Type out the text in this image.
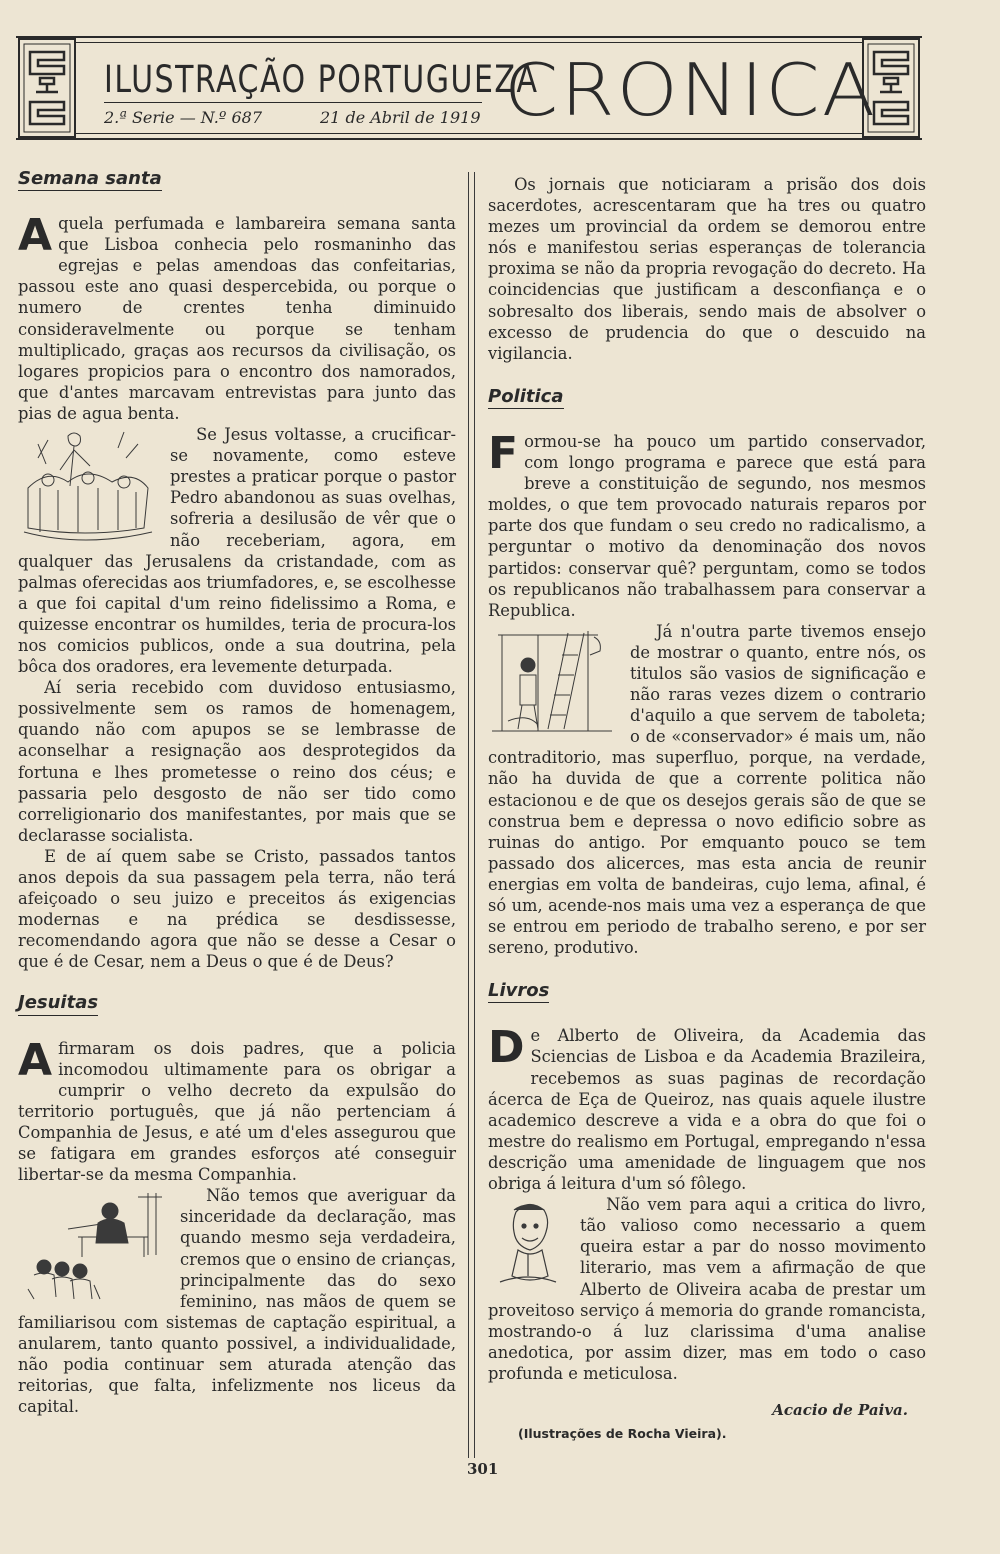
ILUSTRAÇÃO PORTUGUEZA
2.ª Serie — N.º 687	21 de Abril de 1919 CRONICA
Semana santa

Aquela perfumada e lambareira semana santa que Lisboa conhecia pelo rosmaninho das egrejas e pelas amendoas das confeitarias, passou este ano quasi despercebida, ou porque o numero de crentes tenha diminuido consideravelmente ou porque se tenham multiplicado, graças aos recursos da civilisação, os logares propicios para o encontro dos namorados, que d'antes marcavam entrevistas para junto das pias de agua benta.

Se Jesus voltasse, a crucificar-se novamente, como esteve prestes a praticar porque o pastor Pedro abandonou as suas ovelhas, sofreria a desilusão de vêr que o não receberiam, agora, em qualquer das Jerusalens da cristandade, com as palmas oferecidas aos triumfadores, e, se escolhesse a que foi capital d'um reino fidelissimo a Roma, e quizesse encontrar os humildes, teria de procura-los nos comicios publicos, onde a sua doutrina, pela bôca dos oradores, era levemente deturpada.

Aí seria recebido com duvidoso entusiasmo, possivelmente sem os ramos de homenagem, quando não com apupos se se lembrasse de aconselhar a resignação aos desprotegidos da fortuna e lhes prometesse o reino dos céus; e passaria pelo desgosto de não ser tido como correligionario dos manifestantes, por mais que se declarasse socialista.

E de aí quem sabe se Cristo, passados tantos anos depois da sua passagem pela terra, não terá afeiçoado o seu juizo e preceitos ás exigencias modernas e na prédica se desdissesse, recomendando agora que não se desse a Cesar o que é de Cesar, nem a Deus o que é de Deus?

Jesuitas

Afirmaram os dois padres, que a policia incomodou ultimamente para os obrigar a cumprir o velho decreto da expulsão do territorio português, que já não pertenciam á Companhia de Jesus, e até um d'eles assegurou que se fatigara em grandes esforços até conseguir libertar-se da mesma Companhia.

Não temos que averiguar da sinceridade da declaração, mas quando mesmo seja verdadeira, cremos que o ensino de crianças, principalmente das do sexo feminino, nas mãos de quem se familiarisou com sistemas de captação espiritual, a anularem, tanto quanto possivel, a individualidade, não podia continuar sem aturada atenção das reitorias, que falta, infelizmente nos liceus da capital.

Os jornais que noticiaram a prisão dos dois sacerdotes, acrescentaram que ha tres ou quatro mezes um provincial da ordem se demorou entre nós e manifestou serias esperanças de tolerancia proxima se não da propria revogação do decreto. Ha coincidencias que justificam a desconfiança e o sobresalto dos liberais, sendo mais de absolver o excesso de prudencia do que o descuido na vigilancia.

Politica

Formou-se ha pouco um partido conservador, com longo programa e parece que está para breve a constituição de segundo, nos mesmos moldes, o que tem provocado naturais reparos por parte dos que fundam o seu credo no radicalismo, a perguntar o motivo da denominação dos novos partidos: conservar quê? perguntam, como se todos os republicanos não trabalhassem para conservar a Republica.

Já n'outra parte tivemos ensejo de mostrar o quanto, entre nós, os titulos são vasios de significação e não raras vezes dizem o contrario d'aquilo a que servem de taboleta; o de «conservador» é mais um, não contraditorio, mas superfluo, porque, na verdade, não ha duvida de que a corrente politica não estacionou e de que os desejos gerais são de que se construa bem e depressa o novo edificio sobre as ruinas do antigo. Por emquanto pouco se tem passado dos alicerces, mas esta ancia de reunir energias em volta de bandeiras, cujo lema, afinal, é só um, acende-nos mais uma vez a esperança de que se entrou em periodo de trabalho sereno, e por ser sereno, produtivo.

Livros

De Alberto de Oliveira, da Academia das Sciencias de Lisboa e da Academia Brazileira, recebemos as suas paginas de recordação ácerca de Eça de Queiroz, nas quais aquele ilustre academico descreve a vida e a obra do que foi o mestre do realismo em Portugal, empregando n'essa descrição uma amenidade de linguagem que nos obriga á leitura d'um só fôlego.

Não vem para aqui a critica do livro, tão valioso como necessario a quem queira estar a par do nosso movimento literario, mas vem a afirmação de que Alberto de Oliveira acaba de prestar um proveitoso serviço á memoria do grande romancista, mostrando-o á luz clarissima d'uma analise anedotica, por assim dizer, mas em todo o caso profunda e meticulosa.

Acacio de Paiva.
(Ilustrações de Rocha Vieira).
301
